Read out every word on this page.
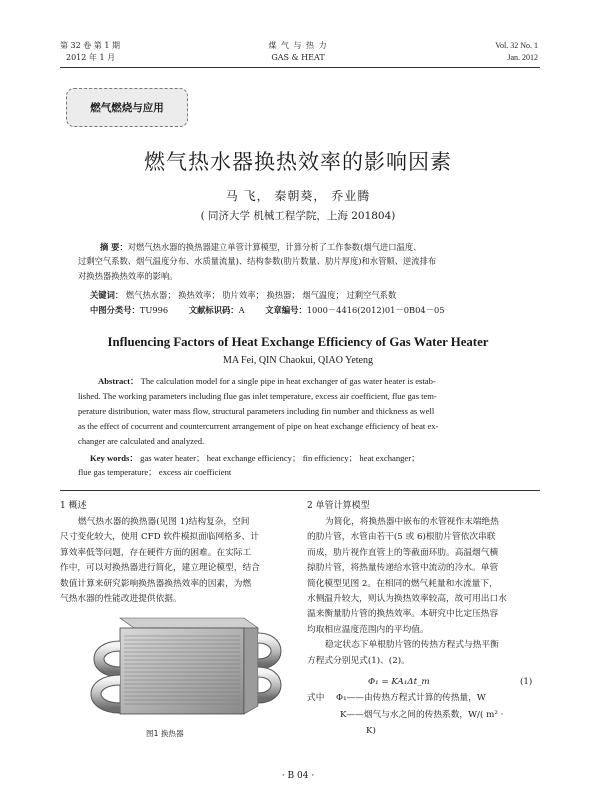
第 32 卷 第 1 期
2012 年 1 月
煤 气 与 热 力
GAS & HEAT
Vol. 32 No. 1
Jan. 2012
燃气燃烧与应用
燃气热水器换热效率的影响因素
马 飞， 秦朝葵， 乔业腾
( 同济大学 机械工程学院，上海 201804)
摘 要：对燃气热水器的换热器建立单管计算模型，计算分析了工作参数(烟气进口温度、
过剩空气系数、烟气温度分布、水质量流量)、结构参数(肋片数量、肋片厚度)和水管顺、逆流排布
对换热器换热效率的影响。
关键词： 燃气热水器； 换热效率； 肋片效率； 换热器； 烟气温度； 过剩空气系数
中图分类号：TU996 文献标识码：A 文章编号：1000－4416(2012)01－0B04－05
Influencing Factors of Heat Exchange Efficiency of Gas Water Heater
MA Fei, QIN Chaokui, QIAO Yeteng
Abstract： The calculation model for a single pipe in heat exchanger of gas water heater is estab-
lished. The working parameters including flue gas inlet temperature, excess air coefficient, flue gas tem-
perature distribution, water mass flow, structural parameters including fin number and thickness as well
as the effect of cocurrent and countercurrent arrangement of pipe on heat exchange efficiency of heat ex-
changer are calculated and analyzed.
Key words： gas water heater； heat exchange efficiency； fin efficiency； heat exchanger；
flue gas temperature； excess air coefficient
1 概述
燃气热水器的换热器(见图 1)结构复杂，空间
尺寸变化较大，使用 CFD 软件模拟面临网格多、计
算效率低等问题，存在硬件方面的困难。在实际工
作中，可以对换热器进行简化，建立理论模型，结合
数值计算来研究影响换热器换热效率的因素，为燃
气热水器的性能改进提供依据。
图1 换热器
2 单管计算模型
为简化，将换热器中嵌布的水管视作末端绝热
的肋片管，水管由若干(5 或 6)根肋片管依次串联
而成，肋片视作直管上的等截面环肋。高温烟气横
掠肋片管，将热量传递给水管中流动的冷水。单管
简化模型见图 2。在相同的燃气耗量和水流量下，
水侧温升较大，则认为换热效率较高，故可用出口水
温来衡量肋片管的换热效率。本研究中比定压热容
均取相应温度范围内的平均值。
稳定状态下单根肋片管的传热方程式与热平衡
方程式分别见式(1)、(2)。
Φ₁ = KA₁Δt_m	(1)
式中 Φ₁——由传热方程式计算的传热量，W
K——烟气与水之间的传热系数，W/( m² ·
K)
· B 04 ·
